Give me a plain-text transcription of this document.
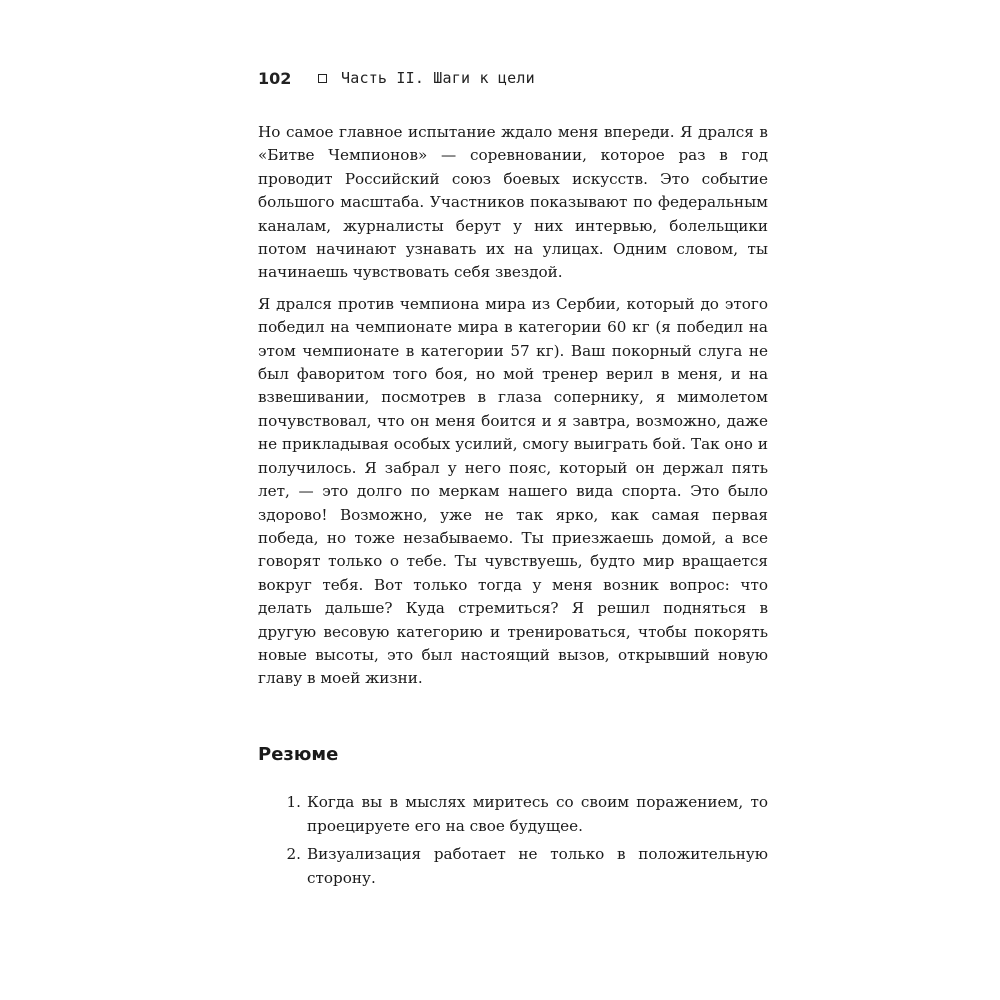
102	Часть II. Шаги к цели

Но самое главное испытание ждало меня впереди. Я дрался в «Битве Чемпионов» — соревновании, которое раз в год проводит Российский союз боевых искусств. Это событие большого масштаба. Участников показывают по федеральным каналам, журналисты берут у них интервью, болельщики потом начинают узнавать их на улицах. Одним словом, ты начинаешь чувствовать себя звездой.

Я дрался против чемпиона мира из Сербии, который до этого победил на чемпионате мира в категории 60 кг (я победил на этом чемпионате в категории 57 кг). Ваш покорный слуга не был фаворитом того боя, но мой тренер верил в меня, и на взвешивании, посмотрев в глаза сопернику, я мимолетом почувствовал, что он меня боится и я завтра, возможно, даже не прикладывая особых усилий, смогу выиграть бой. Так оно и получилось. Я забрал у него пояс, который он держал пять лет, — это долго по меркам нашего вида спорта. Это было здорово! Возможно, уже не так ярко, как самая первая победа, но тоже незабываемо. Ты приезжаешь домой, а все говорят только о тебе. Ты чувствуешь, будто мир вращается вокруг тебя. Вот только тогда у меня возник вопрос: что делать дальше? Куда стремиться? Я решил подняться в другую весовую категорию и тренироваться, чтобы покорять новые высоты, это был настоящий вызов, открывший новую главу в моей жизни.

Резюме
1. Когда вы в мыслях миритесь со своим поражением, то проецируете его на свое будущее.
2. Визуализация работает не только в положительную сторону.
